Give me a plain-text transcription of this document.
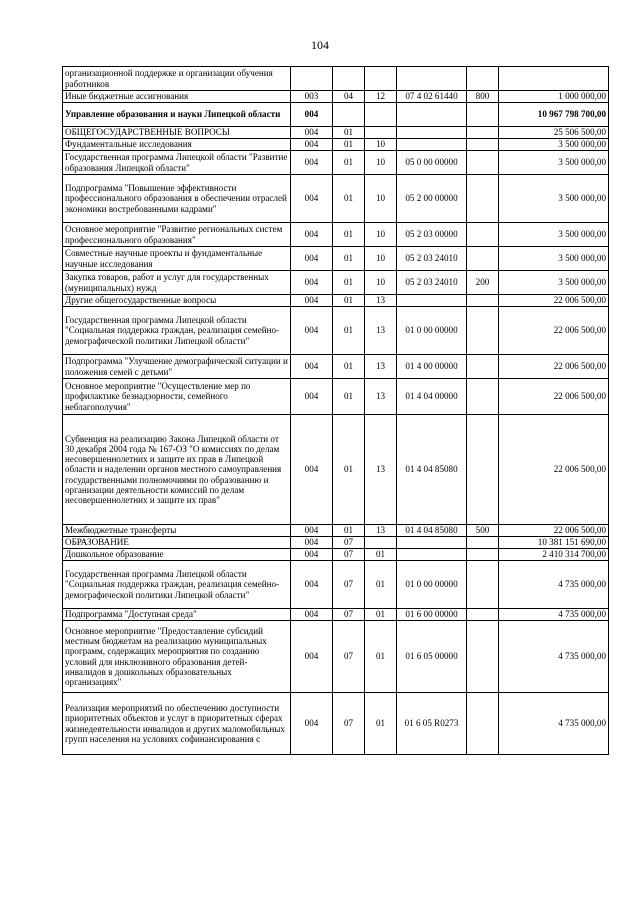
104
организационной поддержке и организации обучения работников						
Иные бюджетные ассигнования	003	04	12	07 4 02 61440	800	1 000 000,00
Управление образования и науки Липецкой области	004					10 967 798 700,00
ОБЩЕГОСУДАРСТВЕННЫЕ ВОПРОСЫ	004	01				25 506 500,00
Фундаментальные исследования	004	01	10			3 500 000,00
Государственная программа Липецкой области "Развитие образования Липецкой области"	004	01	10	05 0 00 00000		3 500 000,00
Подпрограмма "Повышение эффективности профессионального образования в обеспечении отраслей экономики востребованными кадрами"	004	01	10	05 2 00 00000		3 500 000,00
Основное мероприятие "Развитие региональных систем профессионального образования"	004	01	10	05 2 03 00000		3 500 000,00
Совместные научные проекты и фундаментальные научные исследования	004	01	10	05 2 03 24010		3 500 000,00
Закупка товаров, работ и услуг для государственных (муниципальных) нужд	004	01	10	05 2 03 24010	200	3 500 000,00
Другие общегосударственные вопросы	004	01	13			22 006 500,00
Государственная программа Липецкой области "Социальная поддержка граждан, реализация семейно-демографической политики Липецкой области"	004	01	13	01 0 00 00000		22 006 500,00
Подпрограмма "Улучшение демографической ситуации и положения семей с детьми"	004	01	13	01 4 00 00000		22 006 500,00
Основное мероприятие "Осуществление мер по профилактике безнадзорности, семейного неблагополучия"	004	01	13	01 4 04 00000		22 006 500,00
Субвенция на реализацию Закона Липецкой области от 30 декабря 2004 года № 167-ОЗ "О комиссиях по делам несовершеннолетних и защите их прав в Липецкой области и наделении органов местного самоуправления государственными полномочиями по образованию и организации деятельности комиссий по делам несовершеннолетних и защите их прав"	004	01	13	01 4 04 85080		22 006 500,00
Межбюджетные трансферты	004	01	13	01 4 04 85080	500	22 006 500,00
ОБРАЗОВАНИЕ	004	07				10 381 151 690,00
Дошкольное образование	004	07	01			2 410 314 700,00
Государственная программа Липецкой области "Социальная поддержка граждан, реализация семейно-демографической политики Липецкой области"	004	07	01	01 0 00 00000		4 735 000,00
Подпрограмма "Доступная среда"	004	07	01	01 6 00 00000		4 735 000,00
Основное мероприятие "Предоставление субсидий местным бюджетам на реализацию муниципальных программ, содержащих мероприятия по созданию условий для инклюзивного образования детей-инвалидов в дошкольных образовательных организациях"	004	07	01	01 6 05 00000		4 735 000,00
Реализация мероприятий по обеспечению доступности приоритетных объектов и услуг в приоритетных сферах жизнедеятельности инвалидов и других маломобильных групп населения на условиях софинансирования с	004	07	01	01 6 05 R0273		4 735 000,00
